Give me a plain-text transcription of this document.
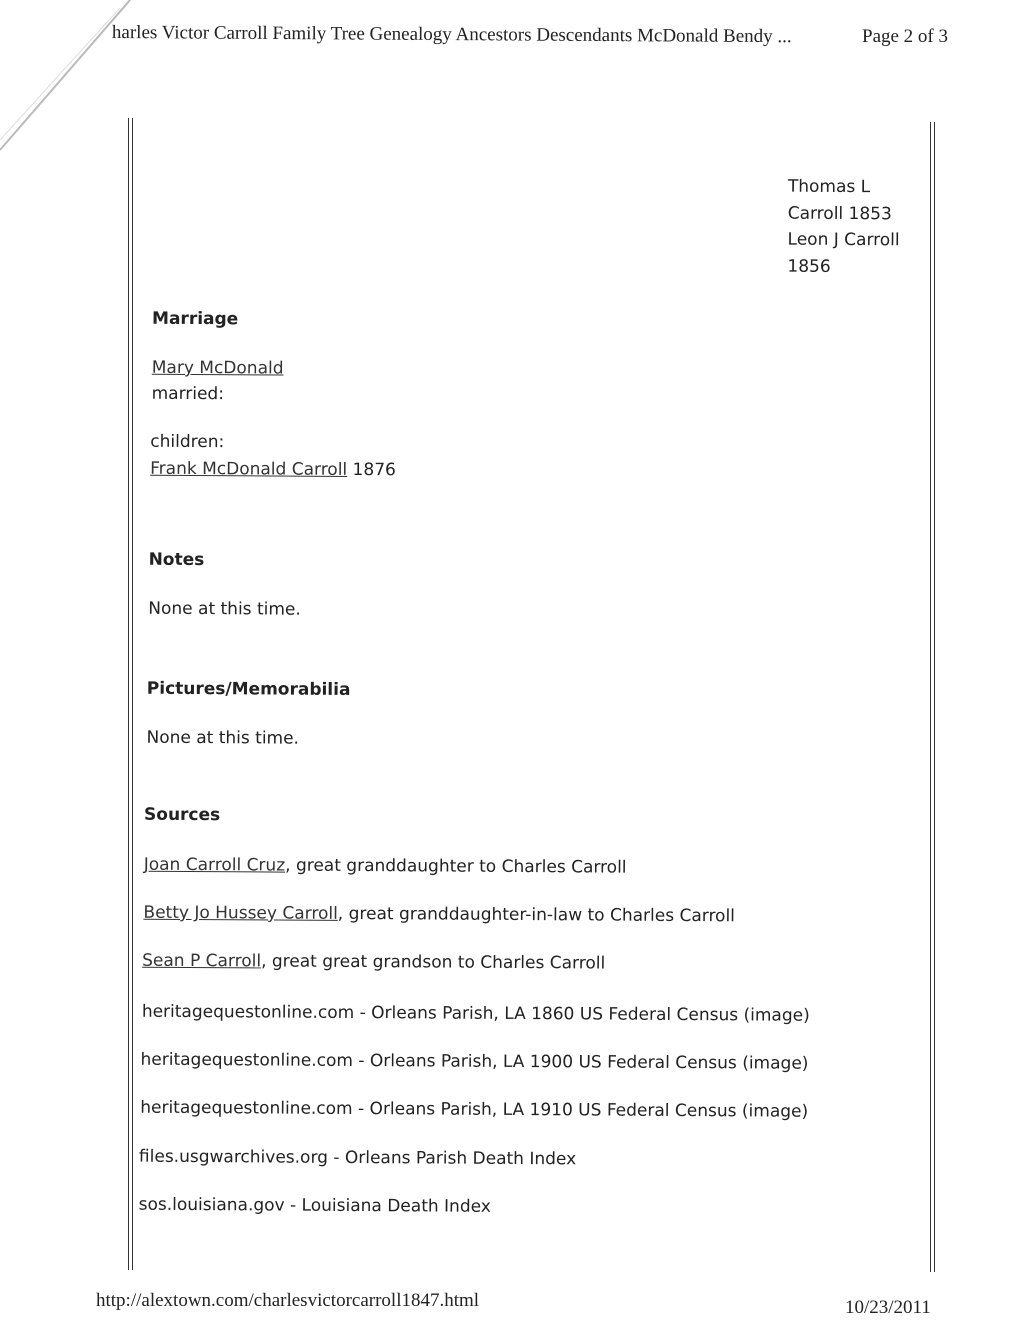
harles Victor Carroll Family Tree Genealogy Ancestors Descendants McDonald Bendy ...	Page 2 of 3
Thomas L
Carroll 1853
Leon J Carroll
1856
Marriage
Mary McDonald
married:
children:
Frank McDonald Carroll 1876
Notes
None at this time.
Pictures/Memorabilia
None at this time.
Sources
Joan Carroll Cruz, great granddaughter to Charles Carroll
Betty Jo Hussey Carroll, great granddaughter-in-law to Charles Carroll
Sean P Carroll, great great grandson to Charles Carroll
heritagequestonline.com - Orleans Parish, LA 1860 US Federal Census (image)
heritagequestonline.com - Orleans Parish, LA 1900 US Federal Census (image)
heritagequestonline.com - Orleans Parish, LA 1910 US Federal Census (image)
files.usgwarchives.org - Orleans Parish Death Index
sos.louisiana.gov - Louisiana Death Index
http://alextown.com/charlesvictorcarroll1847.html	10/23/2011
